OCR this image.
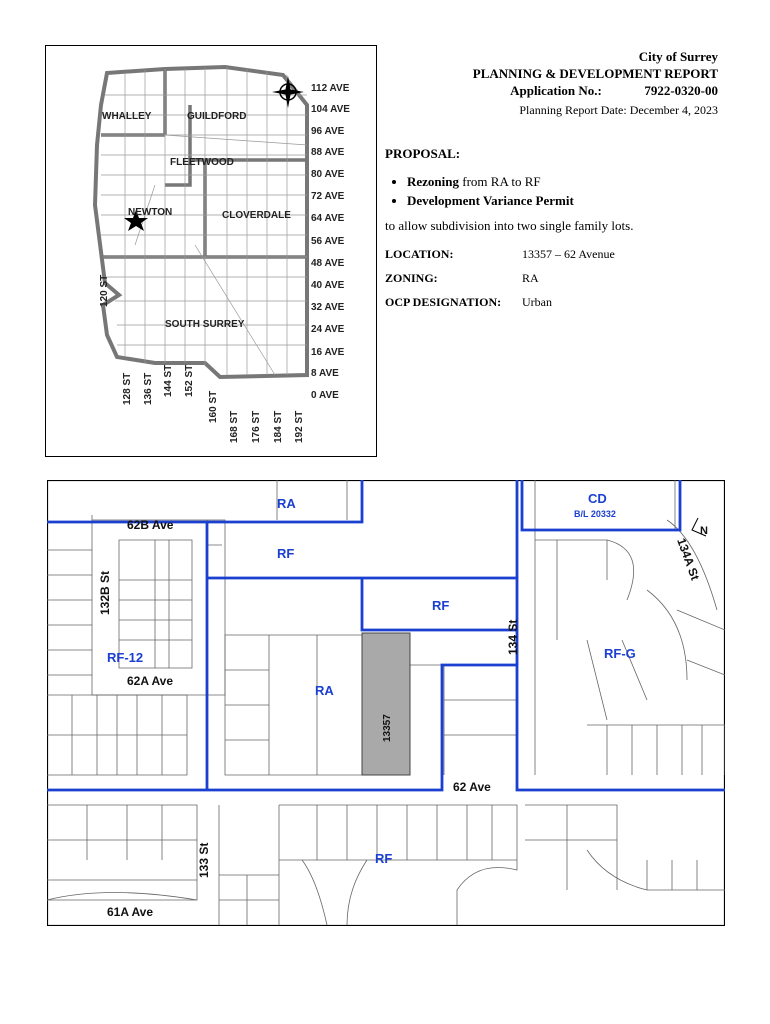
WHALLEY	GUILDFORD
FLEETWOOD
NEWTON	CLOVERDALE
SOUTH SURREY
112 AVE
104 AVE
96 AVE
88 AVE
80 AVE
72 AVE
64 AVE
56 AVE
48 AVE
40 AVE
32 AVE
24 AVE
16 AVE
8 AVE
0 AVE
120 ST
128 ST 136 ST 144 ST 152 ST
160 ST
168 ST 176 ST 184 ST 192 ST
City of Surrey
PLANNING & DEVELOPMENT REPORT
Application No.:	7922-0320-00
Planning Report Date: December 4, 2023
PROPOSAL:
• Rezoning from RA to RF
• Development Variance Permit
to allow subdivision into two single family lots.
LOCATION:	13357 – 62 Avenue
ZONING:	RA
OCP DESIGNATION: Urban
13357
RA
RF
RF
RA
RF-12	RF-G
RF
CD
B/L 20332
62B Ave
132B St
62A Ave
134 St
134A St
62 Ave
133 St
61A Ave
N
